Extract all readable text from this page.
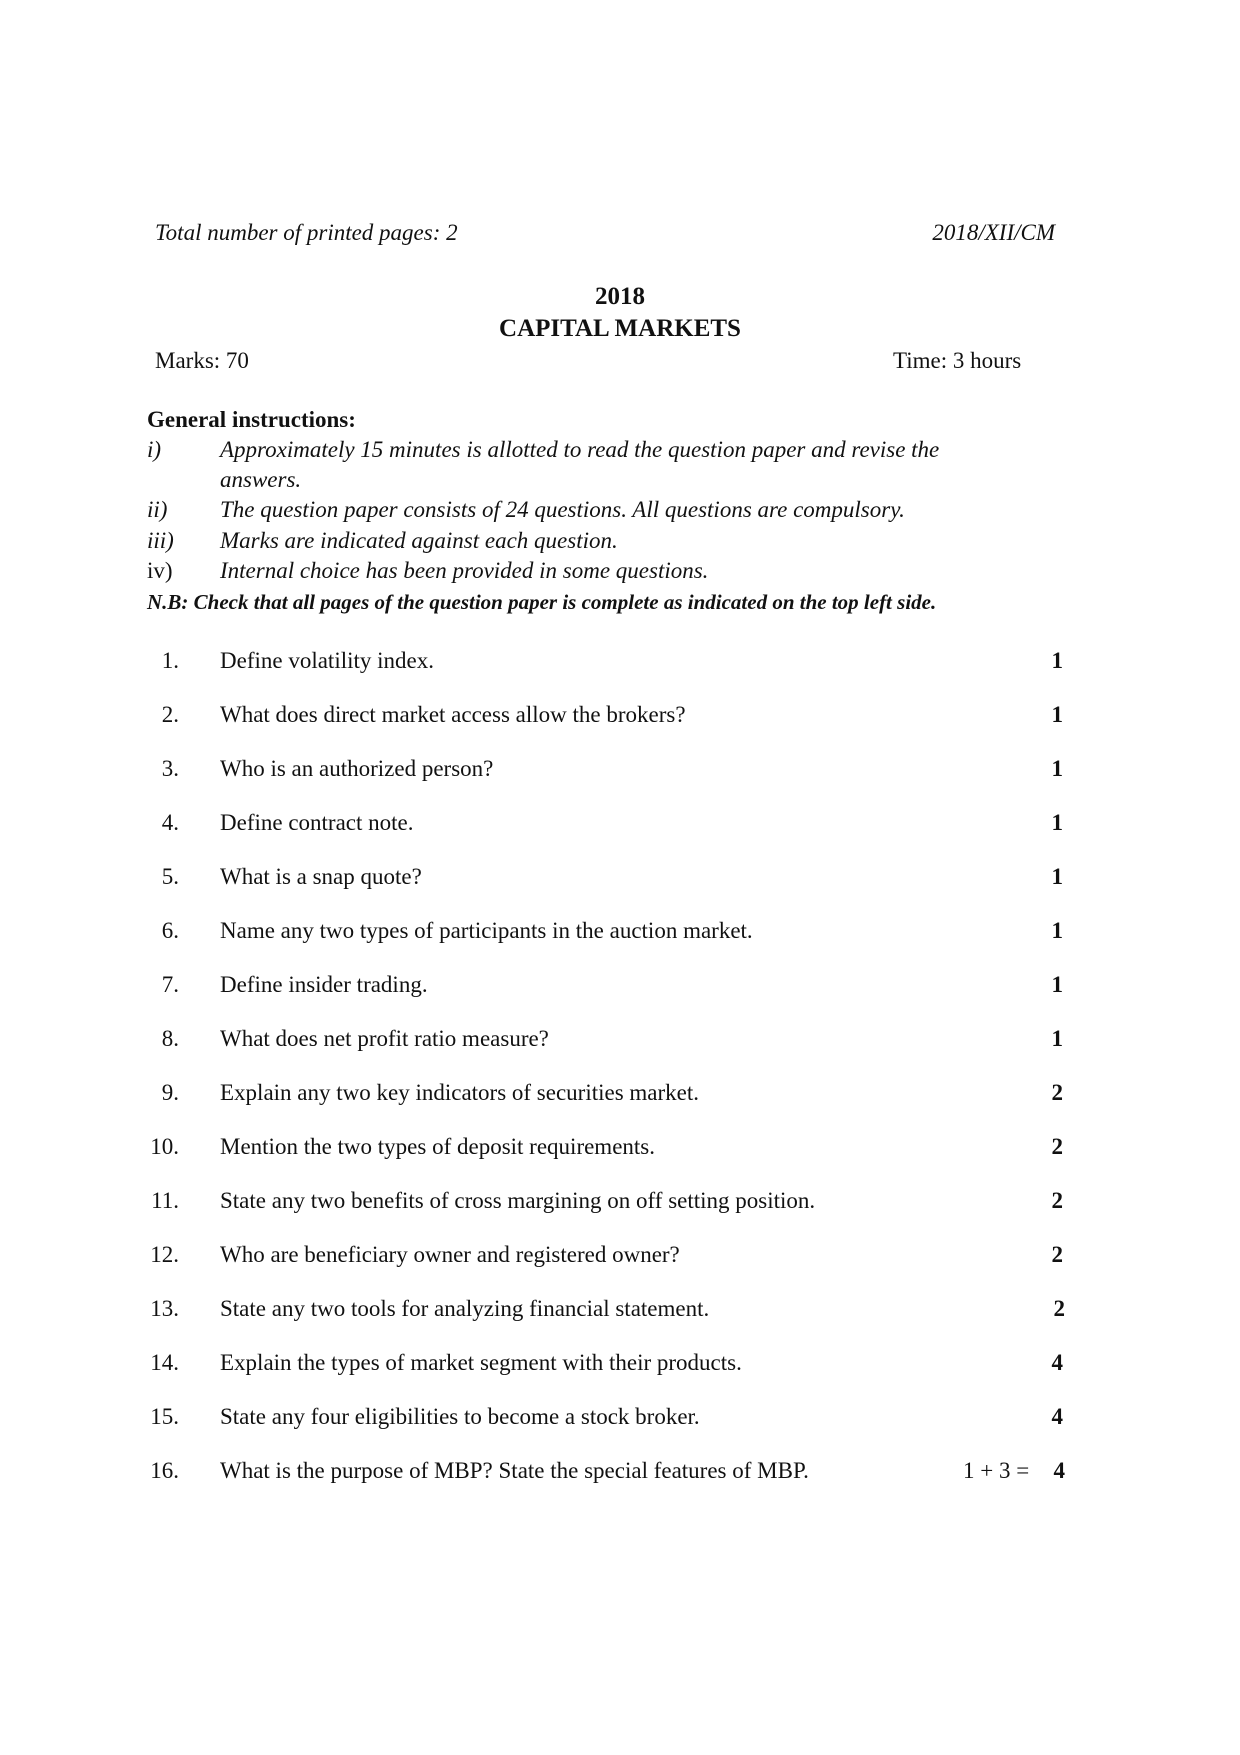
Total number of printed pages: 2	2018/XII/CM
2018
CAPITAL MARKETS
Marks: 70	Time: 3 hours
General instructions:
i)	Approximately 15 minutes is allotted to read the question paper and revise the
answers.
ii) The question paper consists of 24 questions. All questions are compulsory.
iii) Marks are indicated against each question.
iv) Internal choice has been provided in some questions.
N.B: Check that all pages of the question paper is complete as indicated on the top left side.
1. Define volatility index.	1
2. What does direct market access allow the brokers?	1
3. Who is an authorized person?	1
4. Define contract note.	1
5. What is a snap quote?	1
6. Name any two types of participants in the auction market.	1
7. Define insider trading.	1
8. What does net profit ratio measure?	1
9. Explain any two key indicators of securities market.	2
10. Mention the two types of deposit requirements.	2
11. State any two benefits of cross margining on off setting position.	2
12. Who are beneficiary owner and registered owner?	2
13. State any two tools for analyzing financial statement.	2
14. Explain the types of market segment with their products.	4
15. State any four eligibilities to become a stock broker.	4
16. What is the purpose of MBP? State the special features of MBP.	1 + 3 = 4
